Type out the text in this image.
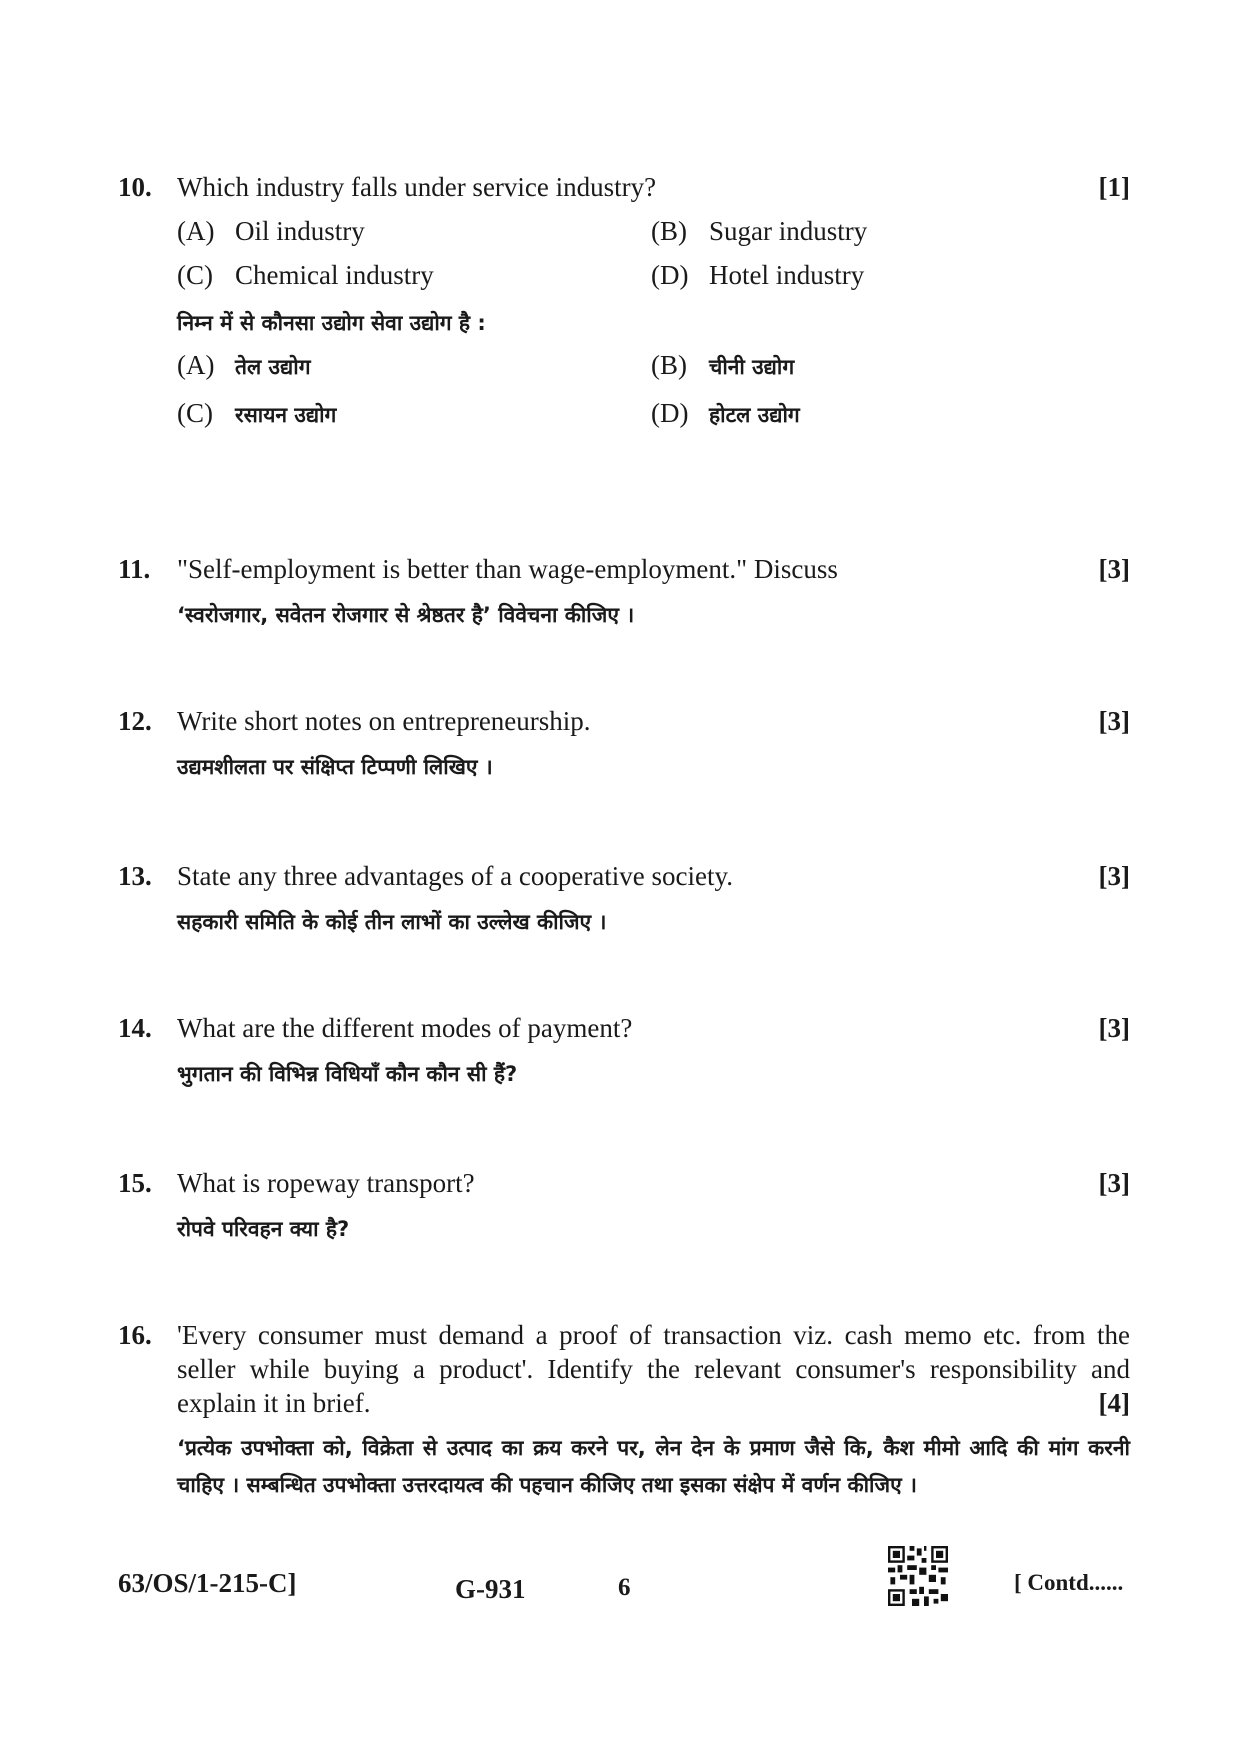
10. Which industry falls under service industry?	[1]
(A) Oil industry	(B) Sugar industry
(C) Chemical industry	(D) Hotel industry
निम्न में से कौनसा उद्योग सेवा उद्योग है :
(A) तेल उद्योग	(B) चीनी उद्योग
(C) रसायन उद्योग	(D) होटल उद्योग
11. "Self-employment is better than wage-employment." Discuss	[3]
‘स्वरोजगार, सवेतन रोजगार से श्रेष्ठतर है’ विवेचना कीजिए ।
12. Write short notes on entrepreneurship.	[3]
उद्यमशीलता पर संक्षिप्त टिप्पणी लिखिए ।
13. State any three advantages of a cooperative society.	[3]
सहकारी समिति के कोई तीन लाभों का उल्लेख कीजिए ।
14. What are the different modes of payment?	[3]
भुगतान की विभिन्न विधियाँ कौन कौन सी हैं?
15. What is ropeway transport?	[3]
रोपवे परिवहन क्या है?
16. 'Every consumer must demand a proof of transaction viz. cash memo etc. from the seller while buying a product'. Identify the relevant consumer's responsibility and explain it in brief.	[4]
‘प्रत्येक उपभोक्ता को, विक्रेता से उत्पाद का क्रय करने पर, लेन देन के प्रमाण जैसे कि, कैश मीमो आदि की मांग करनी चाहिए । सम्बन्धित उपभोक्ता उत्तरदायत्व की पहचान कीजिए तथा इसका संक्षेप में वर्णन कीजिए ।
63/OS/1-215-C]	G-931	6	[ Contd......
